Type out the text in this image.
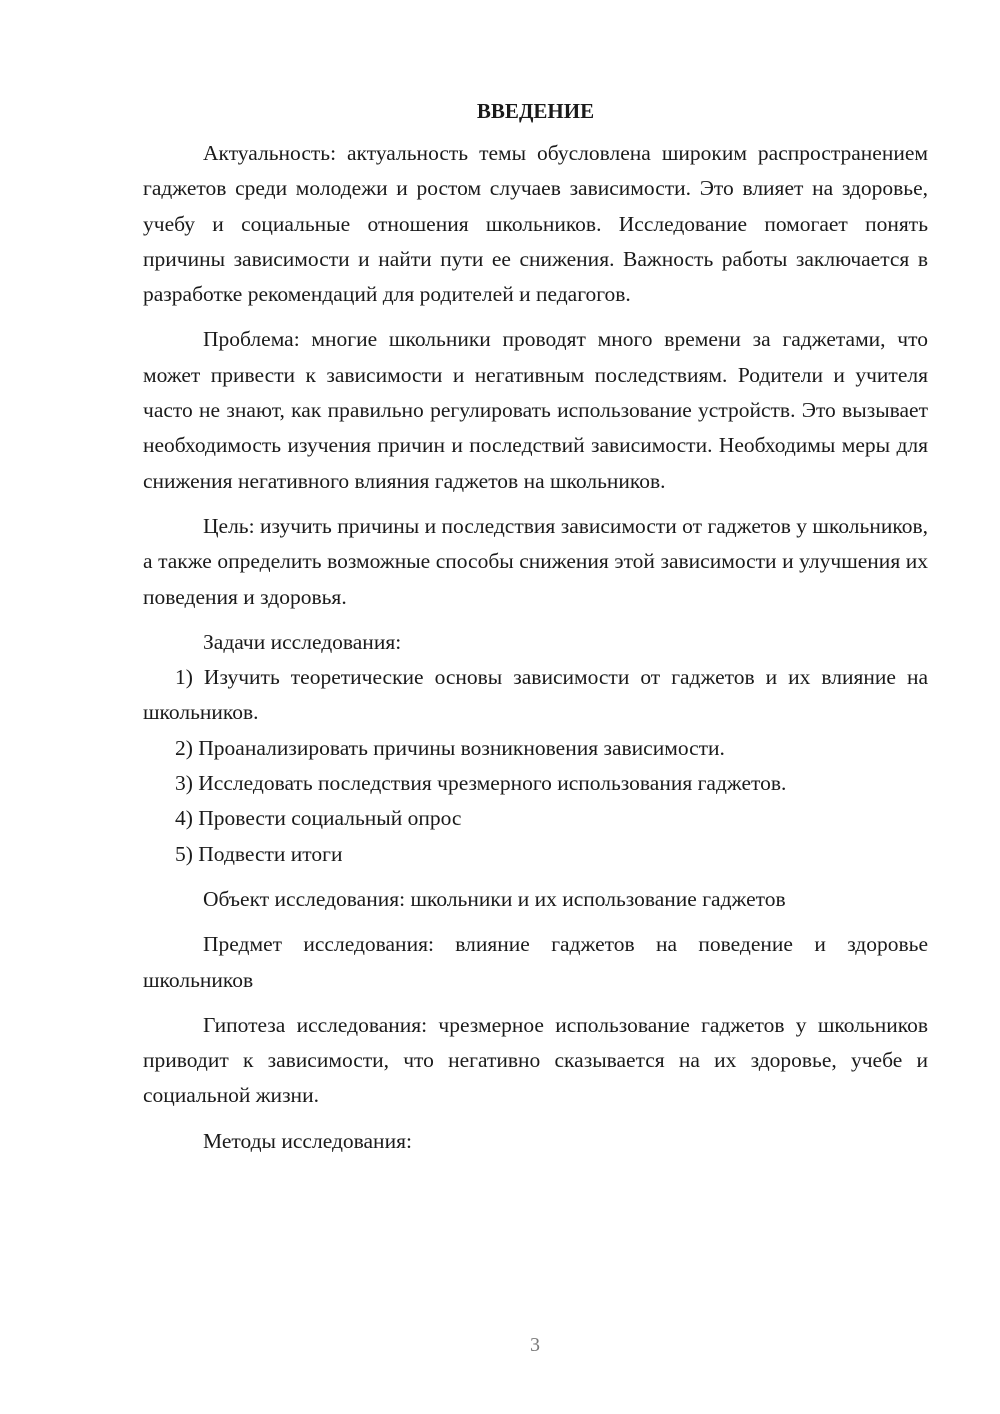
ВВЕДЕНИЕ

Актуальность: актуальность темы обусловлена широким распространением гаджетов среди молодежи и ростом случаев зависимости. Это влияет на здоровье, учебу и социальные отношения школьников. Исследование помогает понять причины зависимости и найти пути ее снижения. Важность работы заключается в разработке рекомендаций для родителей и педагогов.

Проблема: многие школьники проводят много времени за гаджетами, что может привести к зависимости и негативным последствиям. Родители и учителя часто не знают, как правильно регулировать использование устройств. Это вызывает необходимость изучения причин и последствий зависимости. Необходимы меры для снижения негативного влияния гаджетов на школьников.

Цель: изучить причины и последствия зависимости от гаджетов у школьников, а также определить возможные способы снижения этой зависимости и улучшения их поведения и здоровья.

Задачи исследования:

1) Изучить теоретические основы зависимости от гаджетов и их влияние на школьников.

2) Проанализировать причины возникновения зависимости.

3) Исследовать последствия чрезмерного использования гаджетов.

4) Провести социальный опрос

5) Подвести итоги

Объект исследования: школьники и их использование гаджетов

Предмет исследования: влияние гаджетов на поведение и здоровье школьников

Гипотеза исследования: чрезмерное использование гаджетов у школьников приводит к зависимости, что негативно сказывается на их здоровье, учебе и социальной жизни.

Методы исследования:

3
